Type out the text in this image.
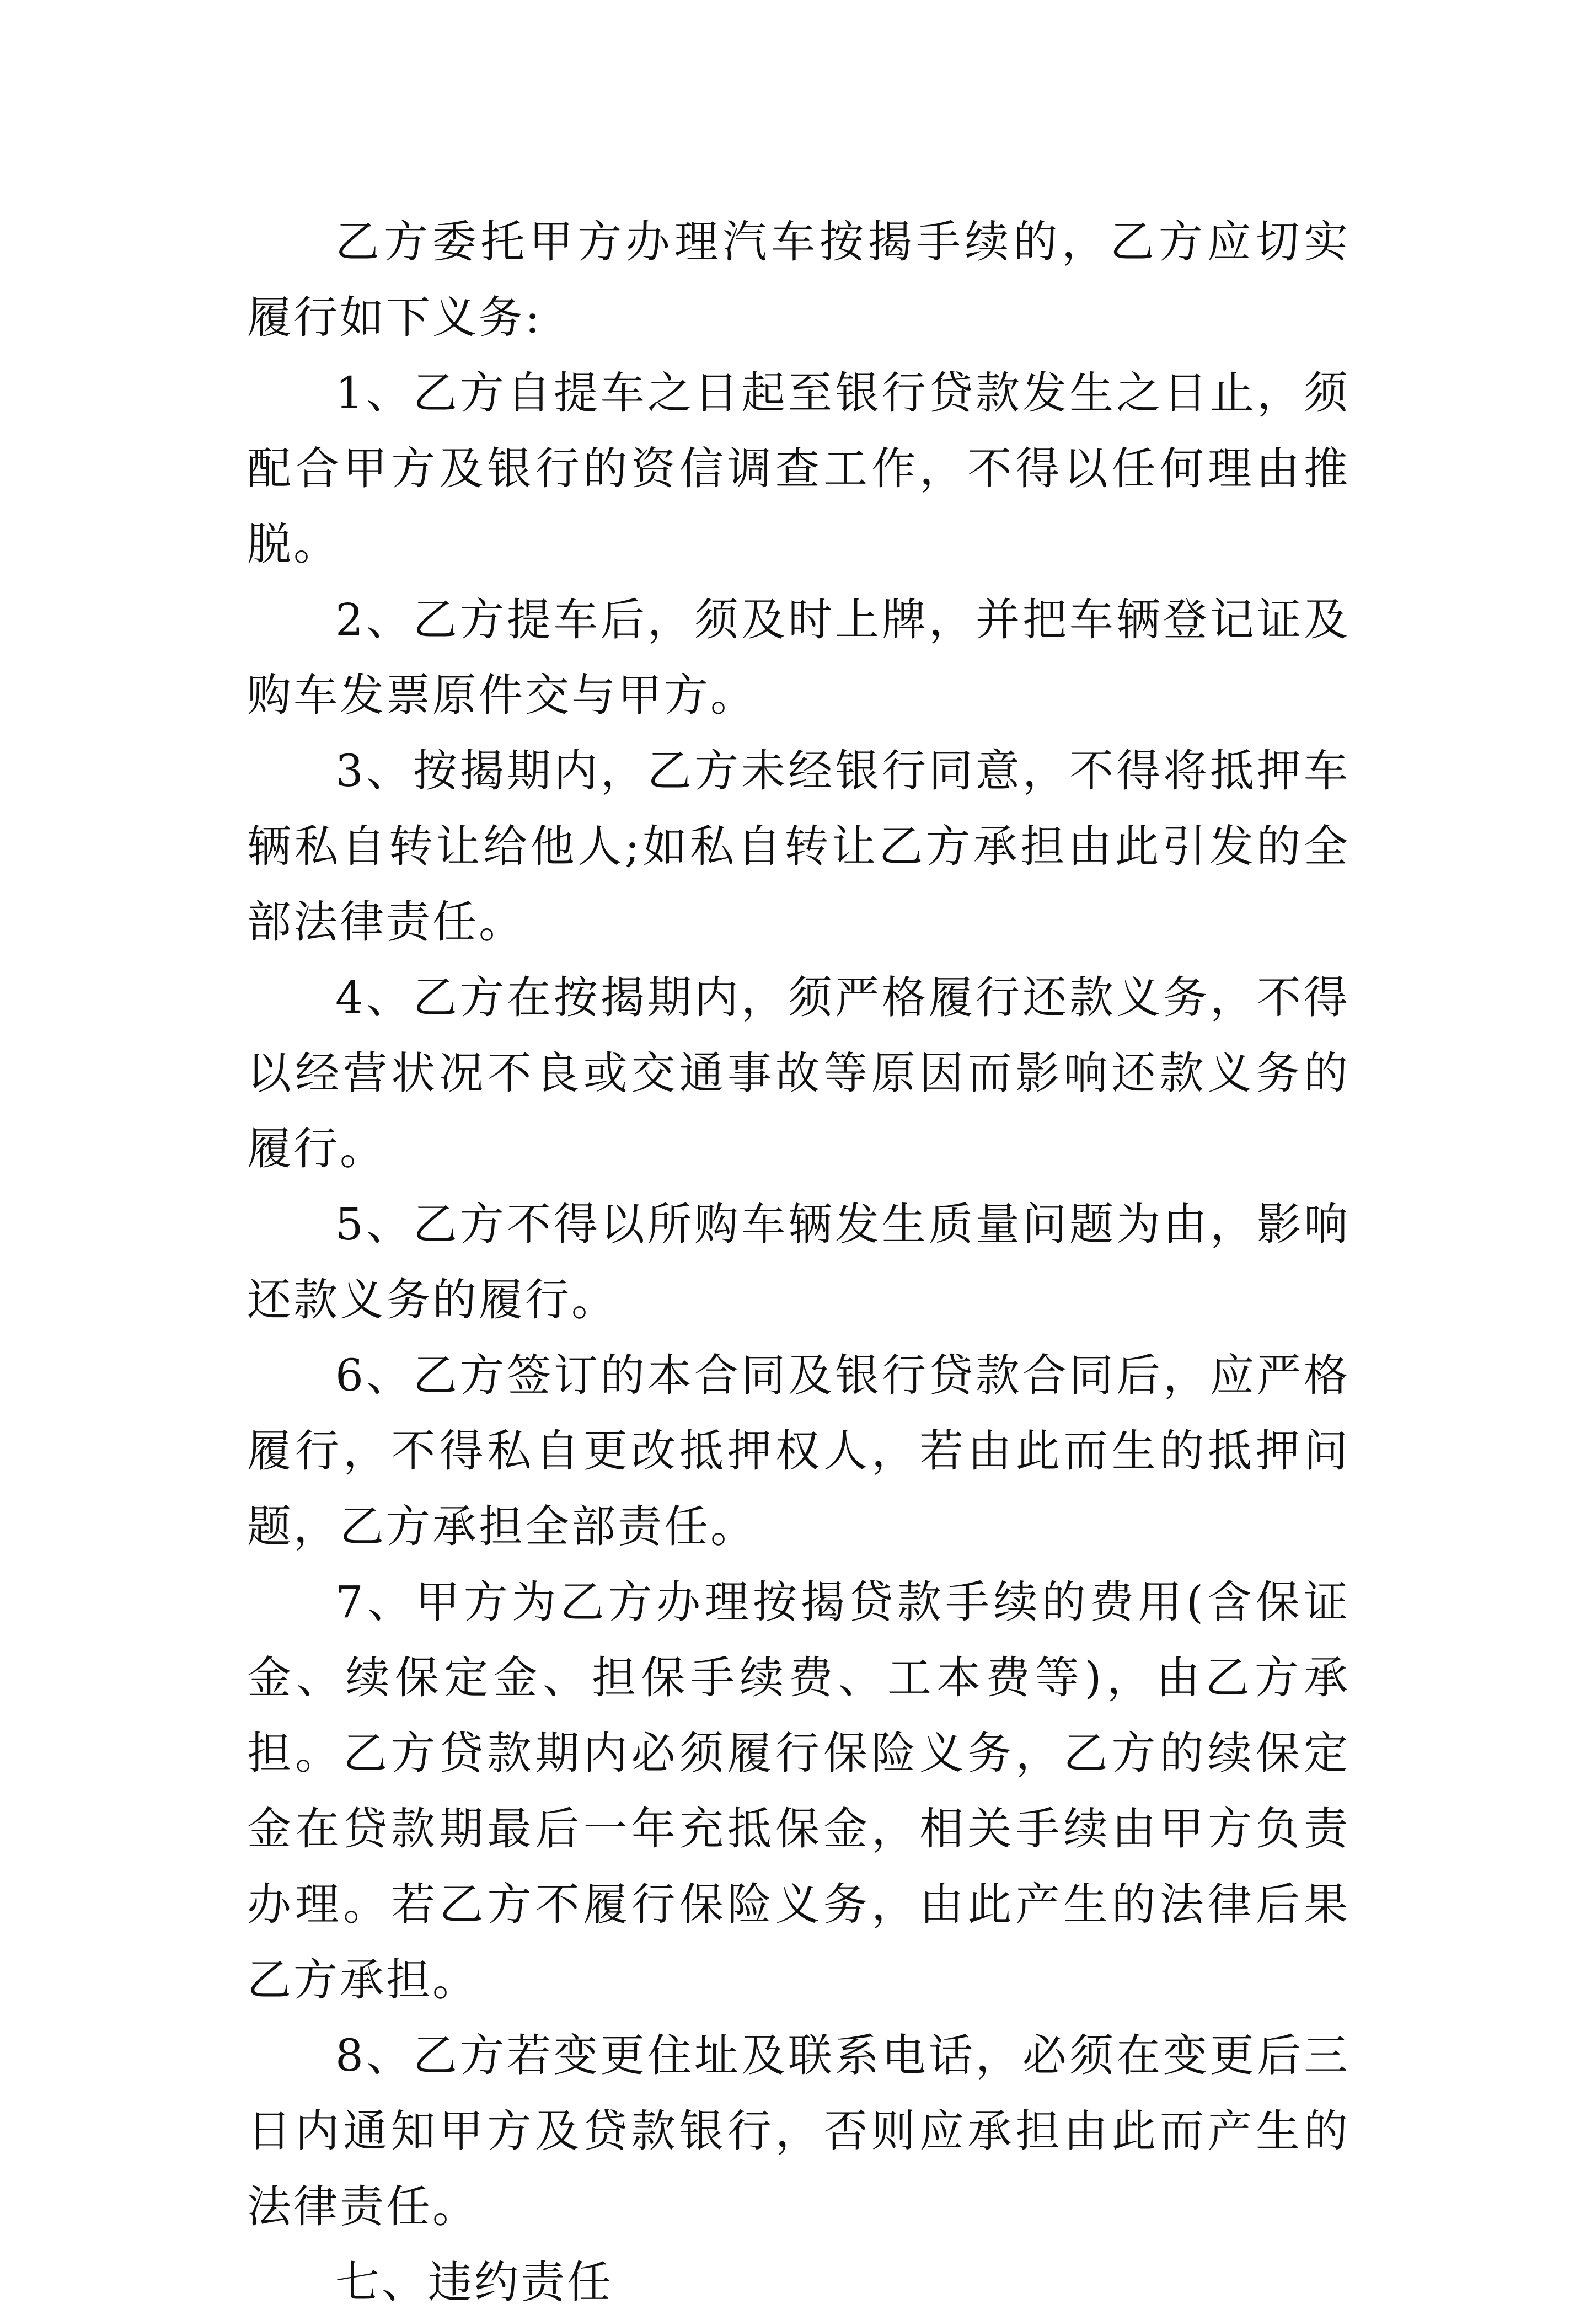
乙方委托甲方办理汽车按揭手续的，乙方应切实履行如下义务:

1、乙方自提车之日起至银行贷款发生之日止，须配合甲方及银行的资信调查工作，不得以任何理由推脱。

2、乙方提车后，须及时上牌，并把车辆登记证及购车发票原件交与甲方。

3、按揭期内，乙方未经银行同意，不得将抵押车辆私自转让给他人;如私自转让乙方承担由此引发的全部法律责任。

4、乙方在按揭期内，须严格履行还款义务，不得以经营状况不良或交通事故等原因而影响还款义务的履行。

5、乙方不得以所购车辆发生质量问题为由，影响还款义务的履行。

6、乙方签订的本合同及银行贷款合同后，应严格履行，不得私自更改抵押权人，若由此而生的抵押问题，乙方承担全部责任。

7、甲方为乙方办理按揭贷款手续的费用(含保证金、续保定金、担保手续费、工本费等)，由乙方承担。乙方贷款期内必须履行保险义务，乙方的续保定金在贷款期最后一年充抵保金，相关手续由甲方负责办理。若乙方不履行保险义务，由此产生的法律后果乙方承担。

8、乙方若变更住址及联系电话，必须在变更后三日内通知甲方及贷款银行，否则应承担由此而产生的法律责任。

七、违约责任
